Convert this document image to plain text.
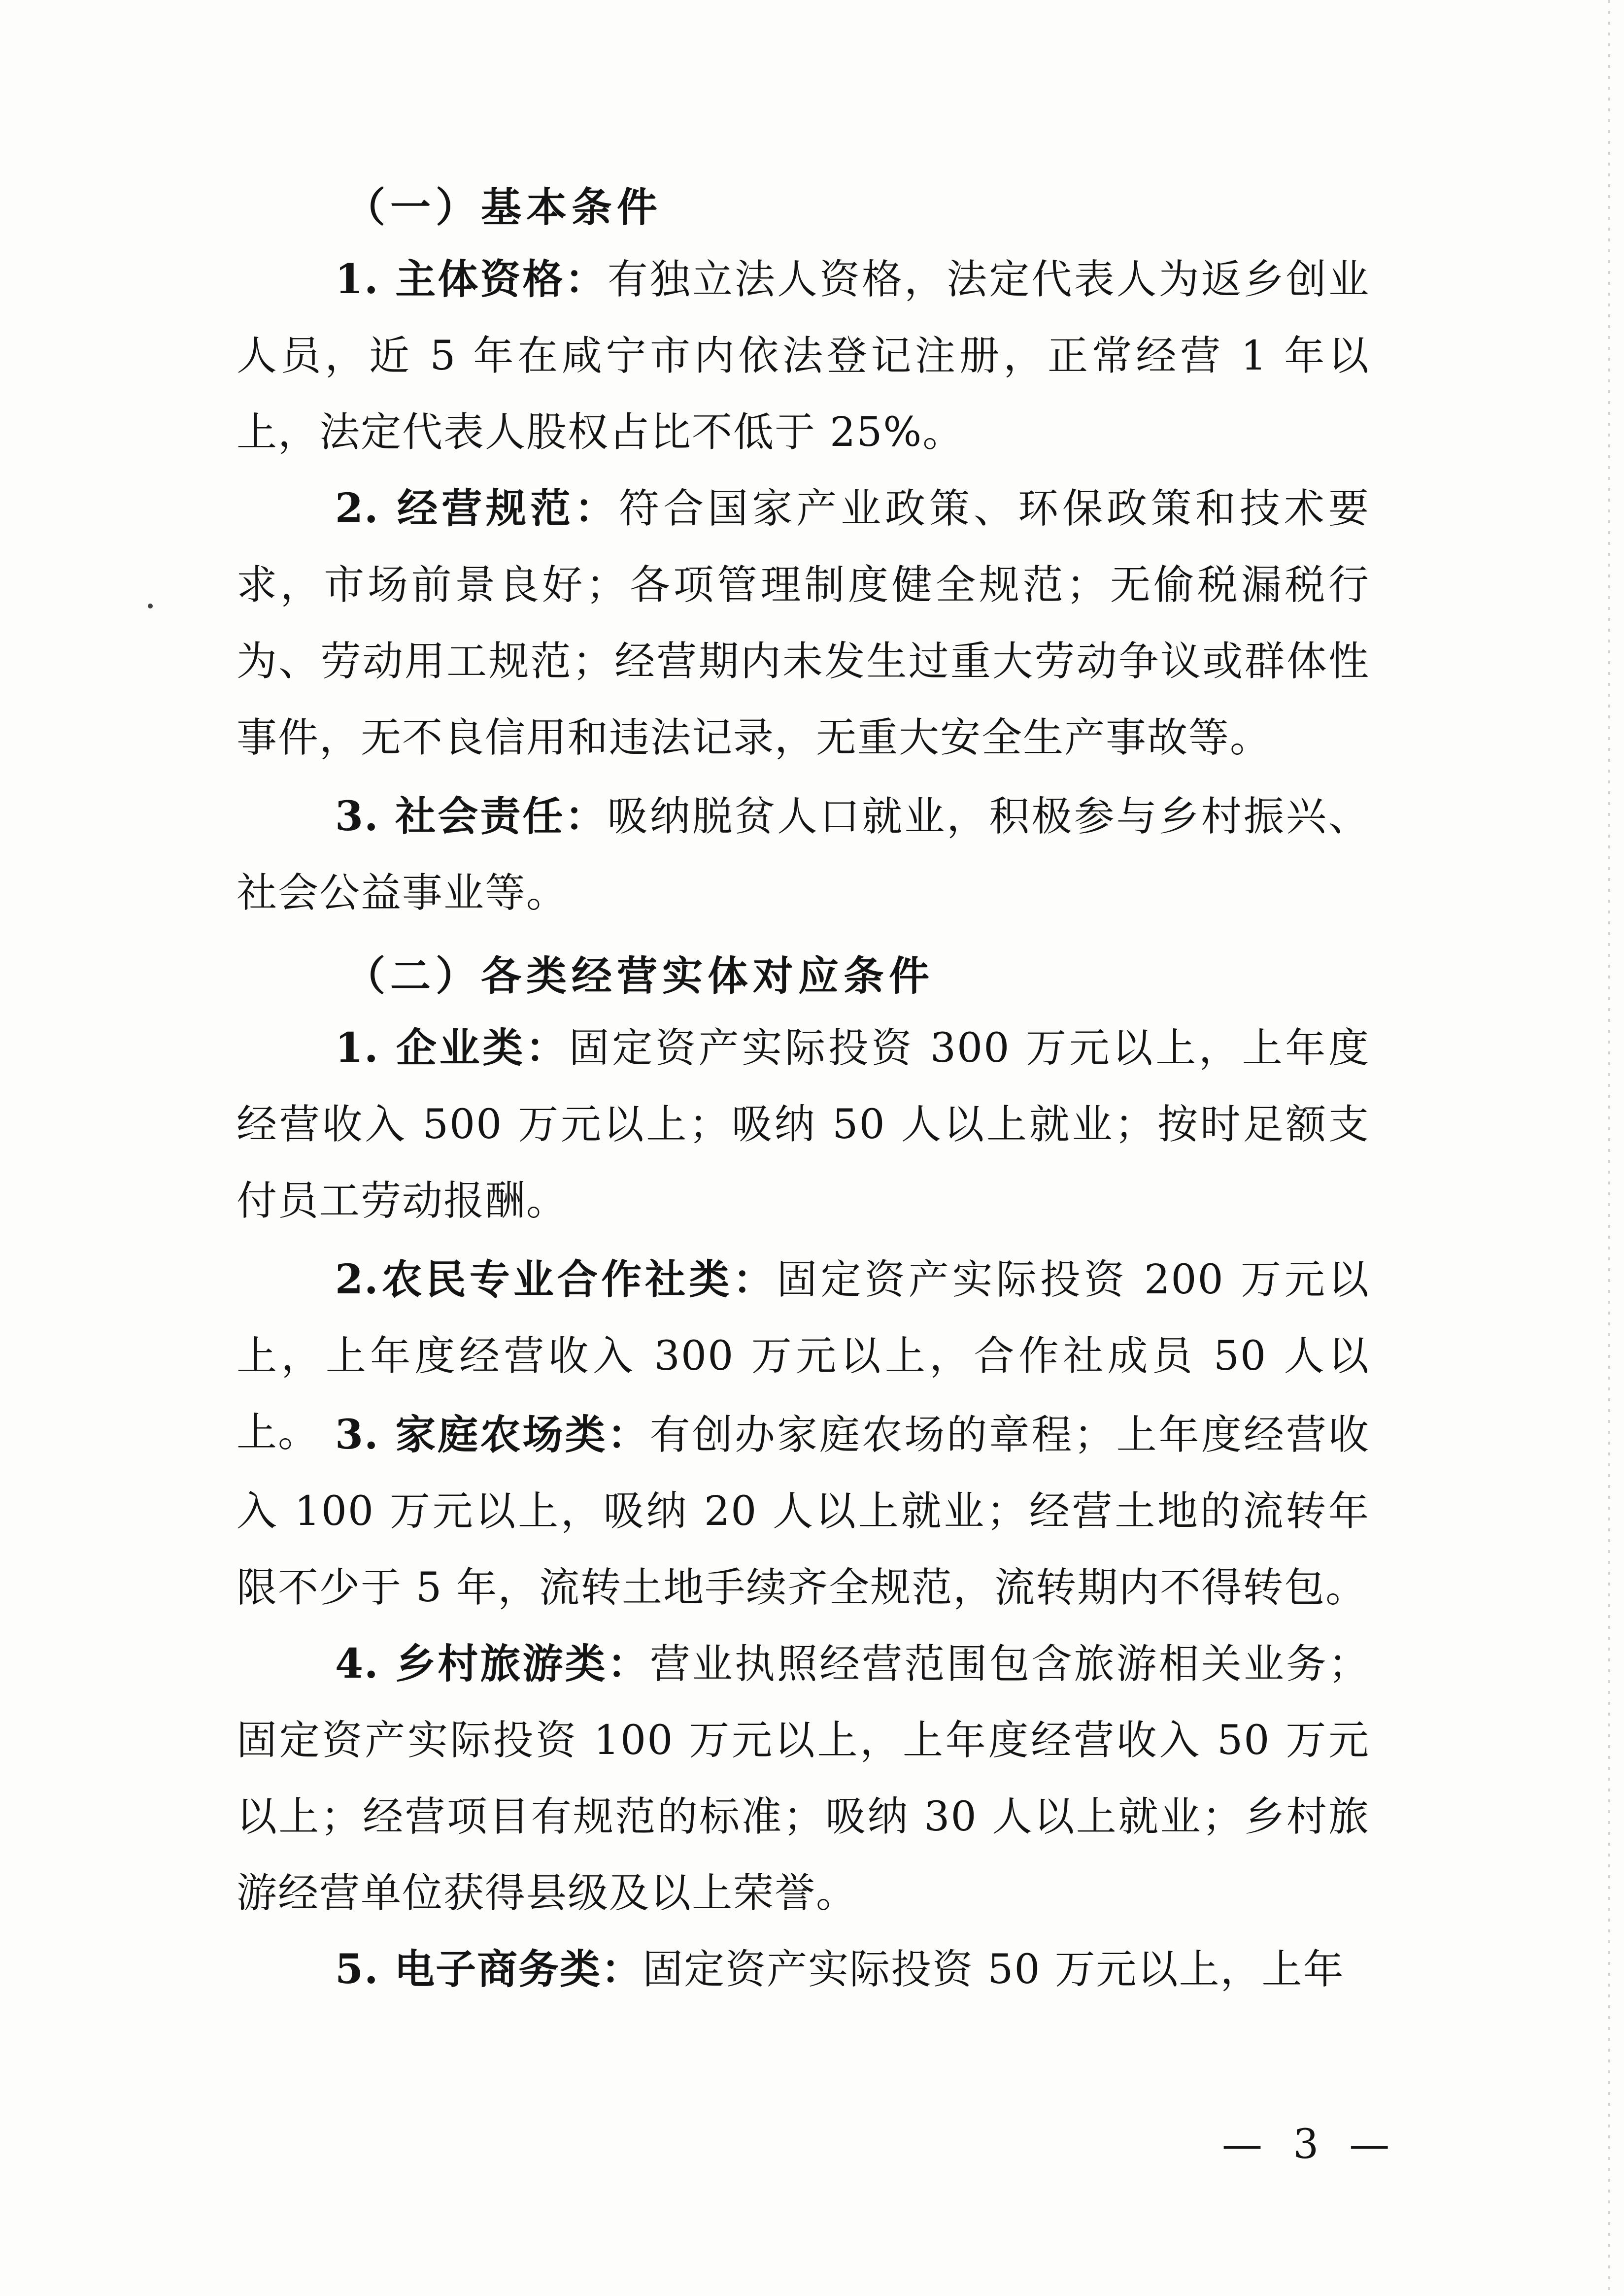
（一）基本条件

1. 主体资格：有独立法人资格，法定代表人为返乡创业人员，近 5 年在咸宁市内依法登记注册，正常经营 1 年以上，法定代表人股权占比不低于 25%。

2. 经营规范：符合国家产业政策、环保政策和技术要求，市场前景良好；各项管理制度健全规范；无偷税漏税行为、劳动用工规范；经营期内未发生过重大劳动争议或群体性事件，无不良信用和违法记录，无重大安全生产事故等。

3. 社会责任：吸纳脱贫人口就业，积极参与乡村振兴、社会公益事业等。

（二）各类经营实体对应条件

1. 企业类：固定资产实际投资 300 万元以上，上年度经营收入 500 万元以上；吸纳 50 人以上就业；按时足额支付员工劳动报酬。

2.农民专业合作社类：固定资产实际投资 200 万元以上，上年度经营收入 300 万元以上，合作社成员 50 人以上。 3. 家庭农场类：有创办家庭农场的章程；上年度经营收入 100 万元以上，吸纳 20 人以上就业；经营土地的流转年限不少于 5 年，流转土地手续齐全规范，流转期内不得转包。

4. 乡村旅游类：营业执照经营范围包含旅游相关业务；固定资产实际投资 100 万元以上，上年度经营收入 50 万元以上；经营项目有规范的标准；吸纳 30 人以上就业；乡村旅游经营单位获得县级及以上荣誉。

5. 电子商务类：固定资产实际投资 50 万元以上，上年

— 3 —
